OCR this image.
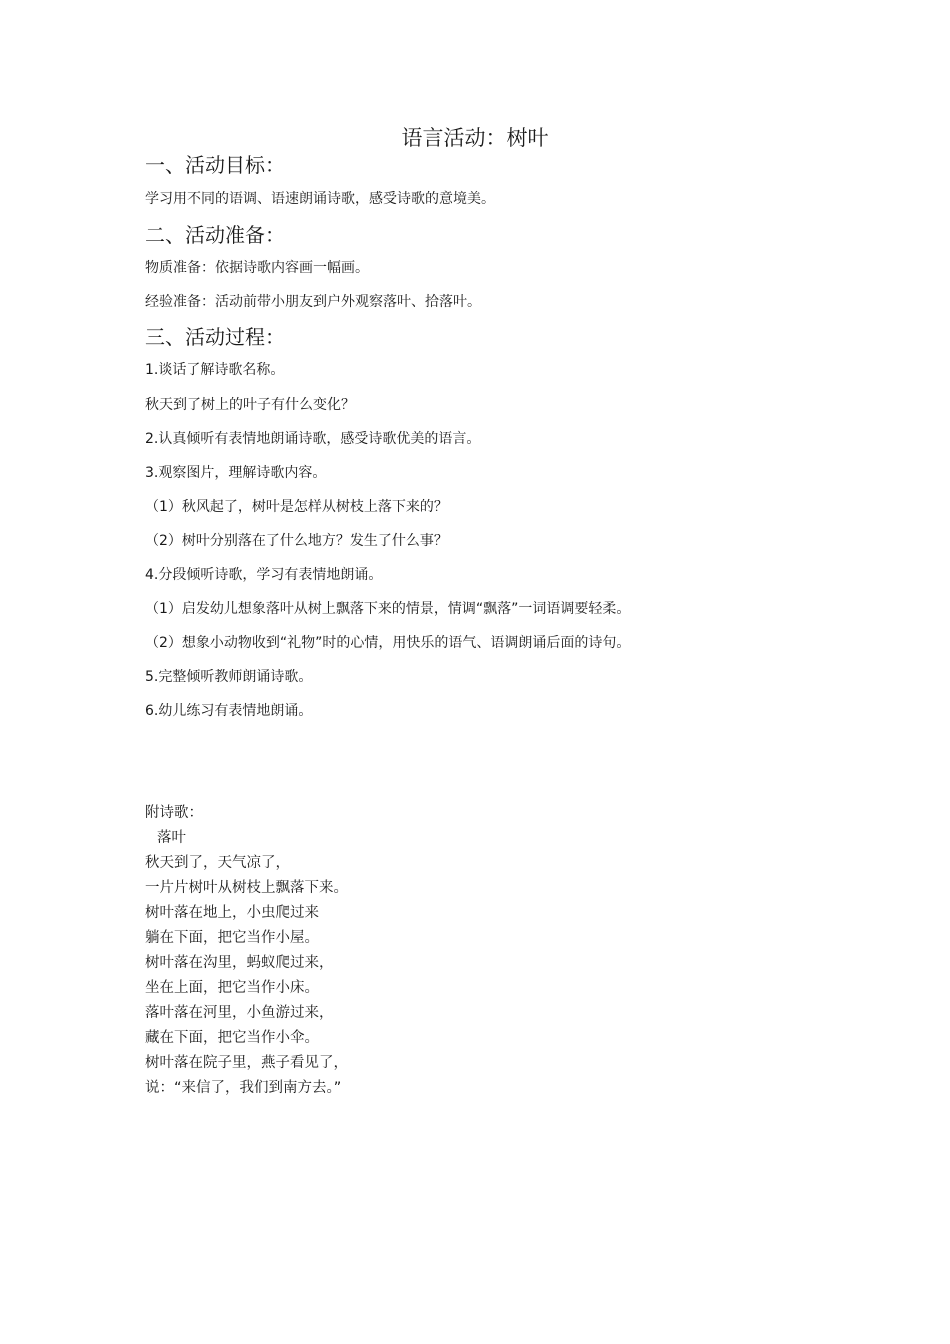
语言活动：树叶
一、活动目标：
学习用不同的语调、语速朗诵诗歌，感受诗歌的意境美。
二、活动准备：
物质准备：依据诗歌内容画一幅画。
经验准备：活动前带小朋友到户外观察落叶、拾落叶。
三、活动过程：
1.谈话了解诗歌名称。
秋天到了树上的叶子有什么变化？
2.认真倾听有表情地朗诵诗歌，感受诗歌优美的语言。
3.观察图片，理解诗歌内容。
（1）秋风起了，树叶是怎样从树枝上落下来的？
（2）树叶分别落在了什么地方？发生了什么事？
4.分段倾听诗歌，学习有表情地朗诵。
（1）启发幼儿想象落叶从树上飘落下来的情景，情调“飘落”一词语调要轻柔。
（2）想象小动物收到“礼物”时的心情，用快乐的语气、语调朗诵后面的诗句。
5.完整倾听教师朗诵诗歌。
6.幼儿练习有表情地朗诵。
附诗歌：
落叶
秋天到了，天气凉了，
一片片树叶从树枝上飘落下来。
树叶落在地上，小虫爬过来
躺在下面，把它当作小屋。
树叶落在沟里，蚂蚁爬过来，
坐在上面，把它当作小床。
落叶落在河里，小鱼游过来，
藏在下面，把它当作小伞。
树叶落在院子里，燕子看见了，
说：“来信了，我们到南方去。”
